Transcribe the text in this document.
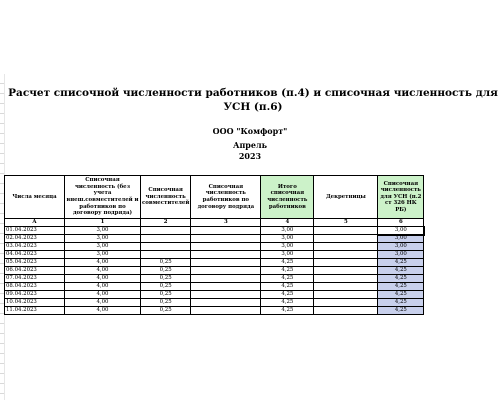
Расчет списочной численности работников (п.4) и списочная численность для УСН (п.6)
ООО "Комфорт"
Апрель
2023
Числа месяца	Списочная численность (без учета внеш.совместителей и работников по договору подряда)	Списочная численность совместителей	Списочная численность работников по договору подряда	Итого списочная численность работников	Декретницы	Списочная численность для УСН (п.2 ст 326 НК РБ)
А	1	2	3	4	5	6
01.04.2023	3,00			3,00		3,00
02.04.2023	3,00			3,00		3,00
03.04.2023	3,00			3,00		3,00
04.04.2023	3,00			3,00		3,00
05.04.2023	4,00	0,25		4,25		4,25
06.04.2023	4,00	0,25		4,25		4,25
07.04.2023	4,00	0,25		4,25		4,25
08.04.2023	4,00	0,25		4,25		4,25
09.04.2023	4,00	0,25		4,25		4,25
10.04.2023	4,00	0,25		4,25		4,25
11.04.2023	4,00	0,25		4,25		4,25
